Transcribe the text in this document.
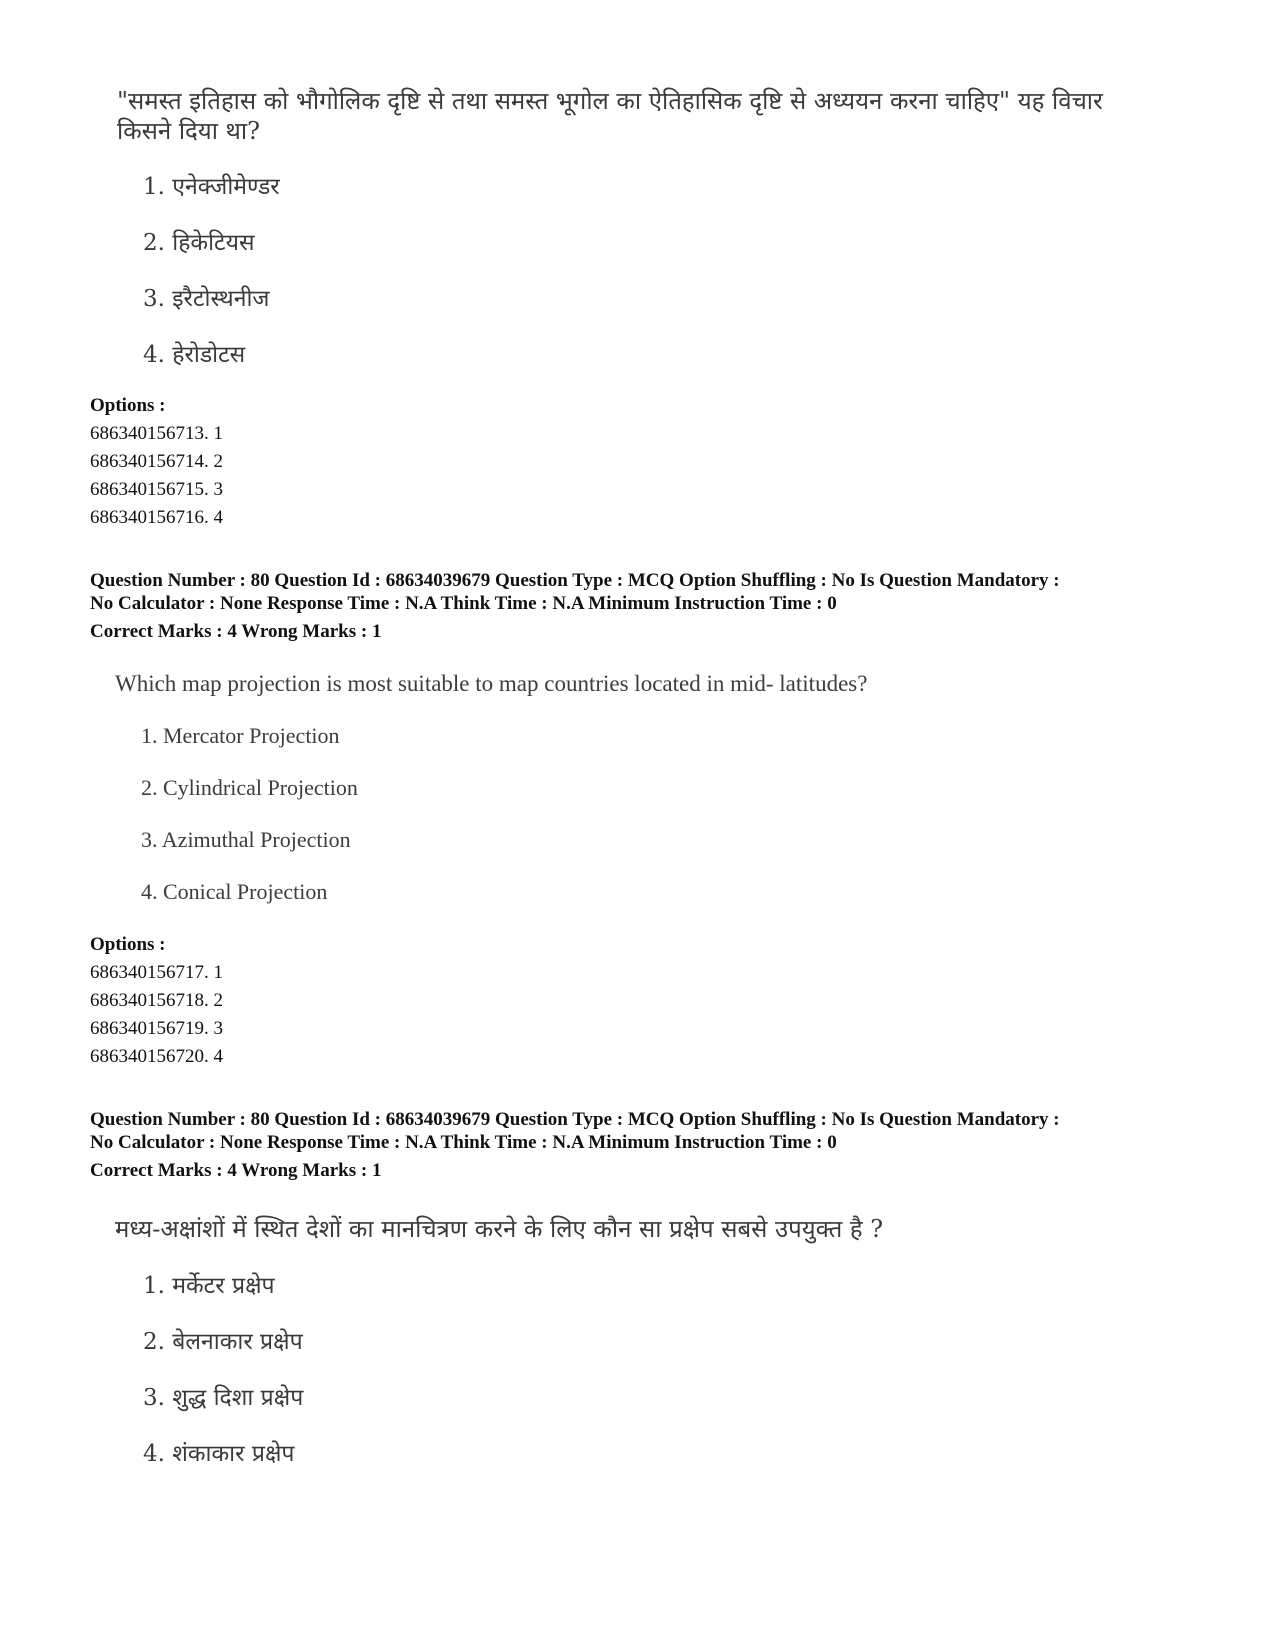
"समस्त इतिहास को भौगोलिक दृष्टि से तथा समस्त भूगोल का ऐतिहासिक दृष्टि से अध्ययन करना चाहिए" यह विचार
किसने दिया था?
1. एनेक्जीमेण्डर
2. हिकेटियस
3. इरैटोस्थनीज
4. हेरोडोटस
Options :
686340156713. 1
686340156714. 2
686340156715. 3
686340156716. 4
Question Number : 80 Question Id : 68634039679 Question Type : MCQ Option Shuffling : No Is Question Mandatory :
No Calculator : None Response Time : N.A Think Time : N.A Minimum Instruction Time : 0
Correct Marks : 4 Wrong Marks : 1
Which map projection is most suitable to map countries located in mid- latitudes?
1. Mercator Projection
2. Cylindrical Projection
3. Azimuthal Projection
4. Conical Projection
Options :
686340156717. 1
686340156718. 2
686340156719. 3
686340156720. 4
Question Number : 80 Question Id : 68634039679 Question Type : MCQ Option Shuffling : No Is Question Mandatory :
No Calculator : None Response Time : N.A Think Time : N.A Minimum Instruction Time : 0
Correct Marks : 4 Wrong Marks : 1
मध्य-अक्षांशों में स्थित देशों का मानचित्रण करने के लिए कौन सा प्रक्षेप सबसे उपयुक्त है ?
1. मर्केटर प्रक्षेप
2. बेलनाकार प्रक्षेप
3. शुद्ध दिशा प्रक्षेप
4. शंकाकार प्रक्षेप
